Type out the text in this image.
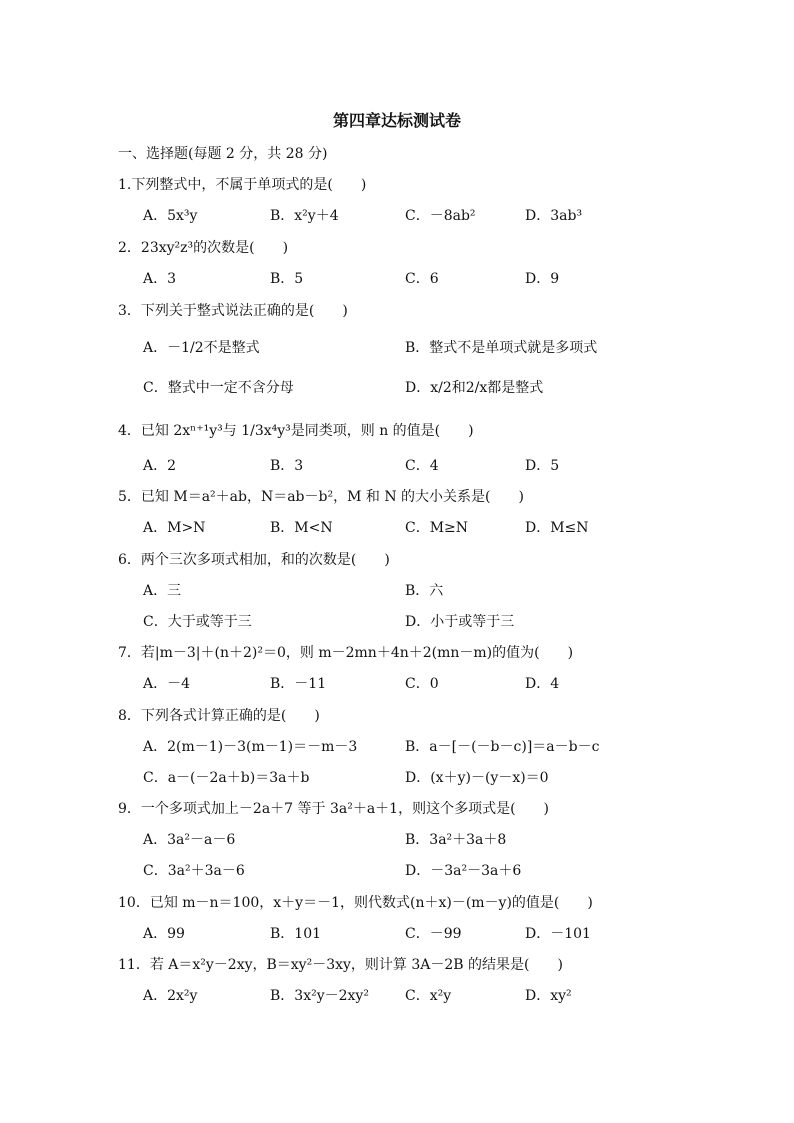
第四章达标测试卷
一、选择题(每题 2 分，共 28 分)
1.下列整式中，不属于单项式的是(　　)
A．5x³y	B．x²y＋4	C．－8ab²	D．3ab³
2．23xy²z³的次数是(　　)
A．3	B．5	C．6	D．9
3．下列关于整式说法正确的是(　　)
A．－1/2不是整式	B．整式不是单项式就是多项式
C．整式中一定不含分母	D．x/2和2/x都是整式
4．已知 2xⁿ⁺¹y³与 1/3x⁴y³是同类项，则 n 的值是(　　)
A．2	B．3	C．4	D．5
5．已知 M＝a²＋ab，N＝ab－b²，M 和 N 的大小关系是(　　)
A．M>N	B．M<N	C．M≥N	D．M≤N
6．两个三次多项式相加，和的次数是(　　)
A．三	B．六
C．大于或等于三	D．小于或等于三
7．若|m－3|＋(n＋2)²＝0，则 m－2mn＋4n＋2(mn－m)的值为(　　)
A．－4	B．－11	C．0	D．4
8．下列各式计算正确的是(　　)
A．2(m－1)－3(m－1)＝－m－3	B．a－[－(－b－c)]＝a－b－c
C．a－(－2a＋b)＝3a＋b	D．(x＋y)－(y－x)＝0
9．一个多项式加上－2a＋7 等于 3a²＋a＋1，则这个多项式是(　　)
A．3a²－a－6	B．3a²＋3a＋8
C．3a²＋3a－6	D．－3a²－3a＋6
10．已知 m－n＝100，x＋y＝－1，则代数式(n＋x)－(m－y)的值是(　　)
A．99	B．101	C．－99	D．－101
11．若 A＝x²y－2xy，B＝xy²－3xy，则计算 3A－2B 的结果是(　　)
A．2x²y	B．3x²y－2xy²	C．x²y	D．xy²
